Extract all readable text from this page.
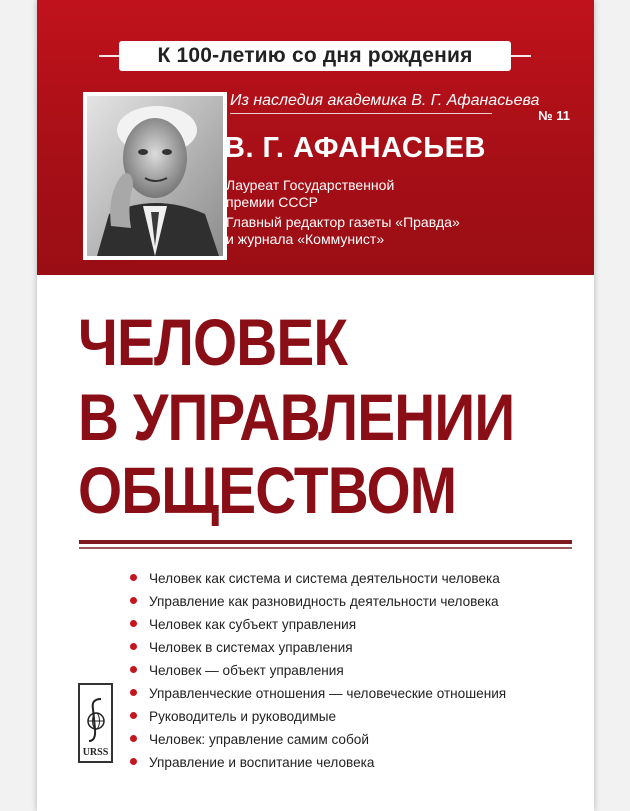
К 100-летию со дня рождения
Из наследия академика В. Г. Афанасьева
№ 11
В. Г. АФАНАСЬЕВ
Лауреат Государственной
премии СССР
Главный редактор газеты «Правда»
и журнала «Коммунист»
ЧЕЛОВЕК
В УПРАВЛЕНИИ
ОБЩЕСТВОМ
Человек как система и система деятельности человека
Управление как разновидность деятельности человека
Человек как субъект управления
Человек в системах управления
Человек — объект управления
Управленческие отношения — человеческие отношения
Руководитель и руководимые
Человек: управление самим собой
Управление и воспитание человека
URSS
